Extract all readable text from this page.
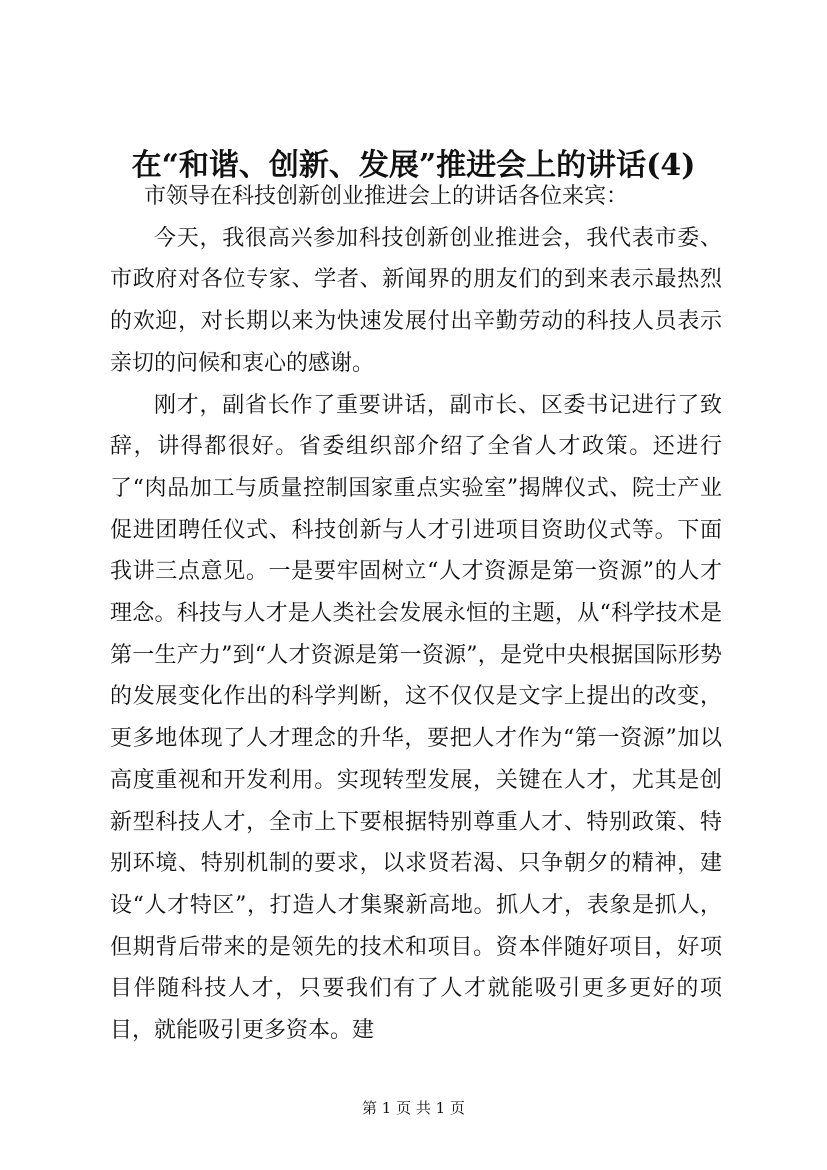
在“和谐、创新、发展”推进会上的讲话(4)

市领导在科技创新创业推进会上的讲话各位来宾：

今天，我很高兴参加科技创新创业推进会，我代表市委、市政府对各位专家、学者、新闻界的朋友们的到来表示最热烈的欢迎，对长期以来为快速发展付出辛勤劳动的科技人员表示亲切的问候和衷心的感谢。

刚才，副省长作了重要讲话，副市长、区委书记进行了致辞，讲得都很好。省委组织部介绍了全省人才政策。还进行了“肉品加工与质量控制国家重点实验室”揭牌仪式、院士产业促进团聘任仪式、科技创新与人才引进项目资助仪式等。下面我讲三点意见。一是要牢固树立“人才资源是第一资源”的人才理念。科技与人才是人类社会发展永恒的主题，从“科学技术是第一生产力”到“人才资源是第一资源”，是党中央根据国际形势的发展变化作出的科学判断，这不仅仅是文字上提出的改变，更多地体现了人才理念的升华，要把人才作为“第一资源”加以高度重视和开发利用。实现转型发展，关键在人才，尤其是创新型科技人才，全市上下要根据特别尊重人才、特别政策、特别环境、特别机制的要求，以求贤若渴、只争朝夕的精神，建设“人才特区”，打造人才集聚新高地。抓人才，表象是抓人，但期背后带来的是领先的技术和项目。资本伴随好项目，好项目伴随科技人才，只要我们有了人才就能吸引更多更好的项目，就能吸引更多资本。建

第 1 页 共 1 页
